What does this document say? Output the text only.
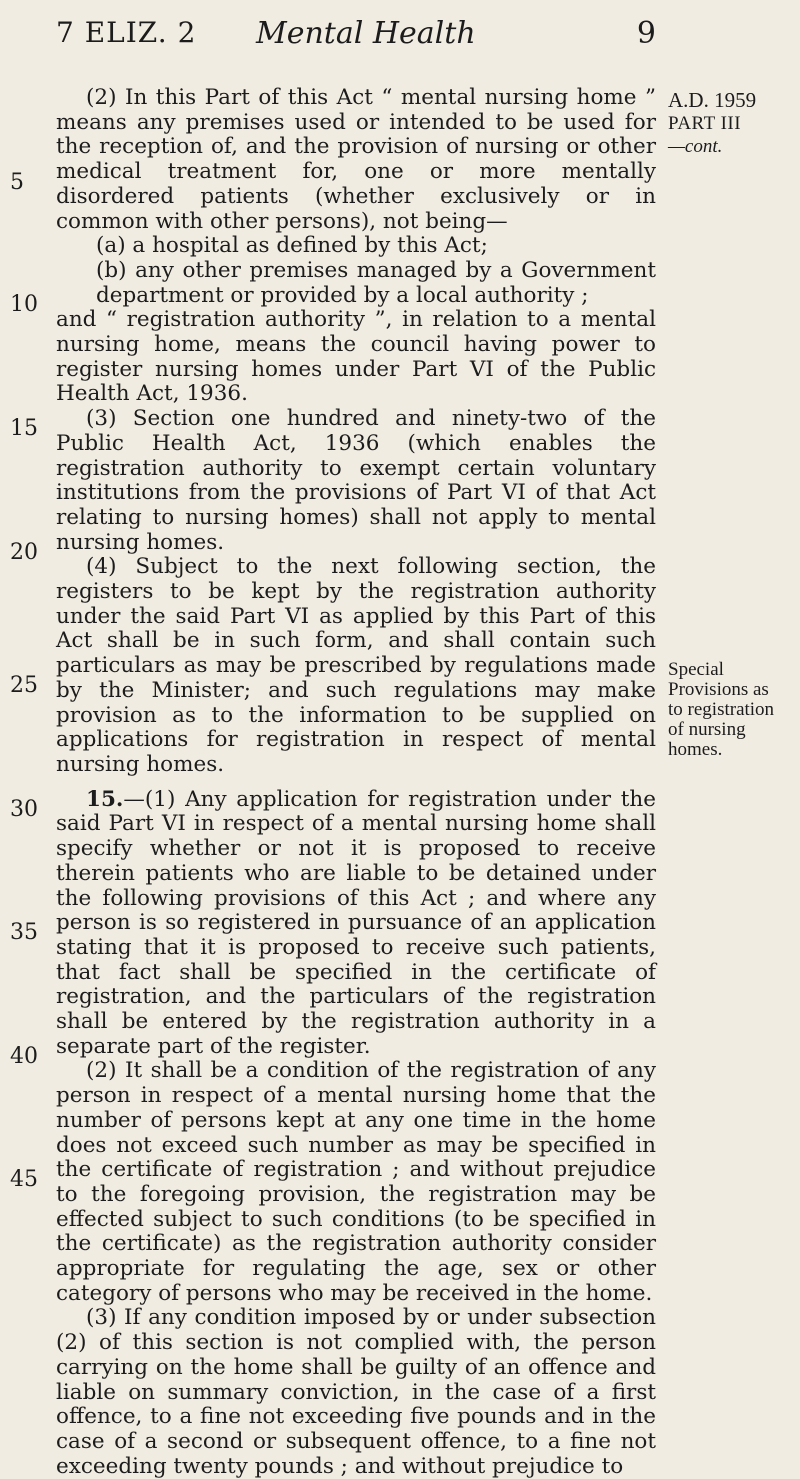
7 ELIZ. 2 Mental Health	9
5
10
15
20
25
30
35
40
45

(2) In this Part of this Act “ mental nursing home ” means any premises used or intended to be used for the reception of, and the provision of nursing or other medical treatment for, one or more mentally disordered patients (whether exclusively or in common with other persons), not being—

(a) a hospital as defined by this Act;

(b) any other premises managed by a Government department or provided by a local authority ;

and “ registration authority ”, in relation to a mental nursing home, means the council having power to register nursing homes under Part VI of the Public Health Act, 1936.

(3) Section one hundred and ninety-two of the Public Health Act, 1936 (which enables the registration authority to exempt certain voluntary institutions from the provisions of Part VI of that Act relating to nursing homes) shall not apply to mental nursing homes.

(4) Subject to the next following section, the registers to be kept by the registration authority under the said Part VI as applied by this Part of this Act shall be in such form, and shall contain such particulars as may be prescribed by regulations made by the Minister; and such regulations may make provision as to the information to be supplied on applications for registration in respect of mental nursing homes.

15.—(1) Any application for registration under the said Part VI in respect of a mental nursing home shall specify whether or not it is proposed to receive therein patients who are liable to be detained under the following provisions of this Act ; and where any person is so registered in pursuance of an application stating that it is proposed to receive such patients, that fact shall be specified in the certificate of registration, and the particulars of the registration shall be entered by the registration authority in a separate part of the register.

(2) It shall be a condition of the registration of any person in respect of a mental nursing home that the number of persons kept at any one time in the home does not exceed such number as may be specified in the certificate of registration ; and without prejudice to the foregoing provision, the registration may be effected subject to such conditions (to be specified in the certificate) as the registration authority consider appropriate for regulating the age, sex or other category of persons who may be received in the home.

(3) If any condition imposed by or under subsection (2) of this section is not complied with, the person carrying on the home shall be guilty of an offence and liable on summary conviction, in the case of a first offence, to a fine not exceeding five pounds and in the case of a second or subsequent offence, to a fine not exceeding twenty pounds ; and without prejudice to

A.D. 1959
PART III
—cont.
Special
Provisions as
to registration
of nursing
homes.
